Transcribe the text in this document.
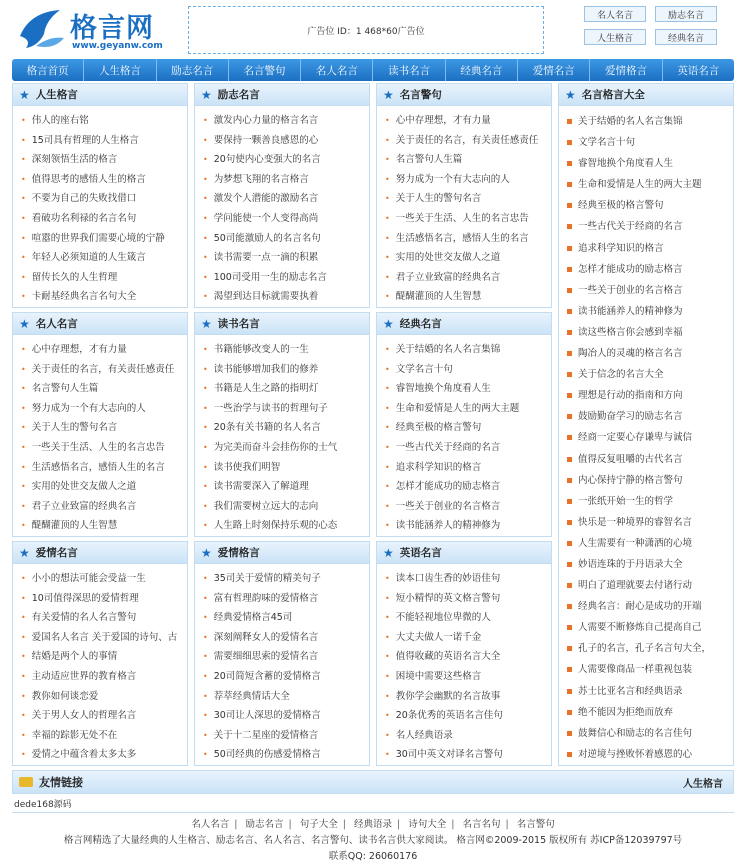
格言网
www.geyanw.com
广告位 ID：1 468*60广告位
名人名言	励志名言
人生格言	经典名言
格言首页	人生格言	励志名言	名言警句	名人名言	读书名言	经典名言	爱情名言	爱情格言	英语名言
★ 人生格言
• 伟人的座右铭
• 15司具有哲理的人生格言
• 深刻领悟生活的格言
• 值得思考的感悟人生的格言
• 不要为自己的失败找借口
• 看破功名利禄的名言名句
• 喧嚣的世界我们需要心境的宁静
• 年轻人必须知道的人生箴言
• 留传长久的人生哲理
• 卡耐基经典名言名句大全
★ 励志名言
• 激发内心力量的格言名言
• 要保持一颗善良感恩的心
• 20句使内心变强大的名言
• 为梦想飞翔的名言格言
• 激发个人潜能的激励名言
• 学问能使一个人变得高尚
• 50司能激励人的名言名句
• 读书需要一点一滴的积累
• 100司受用一生的励志名言
• 渴望到达目标就需要执着
★ 名言警句
• 心中存理想，才有力量
• 关于责任的名言，有关责任感责任
• 名言警句人生篇
• 努力成为一个有大志向的人
• 关于人生的警句名言
• 一些关于生活、人生的名言忠告
• 生活感悟名言，感悟人生的名言
• 实用的处世交友做人之道
• 君子立业致富的经典名言
• 醍醐灌顶的人生智慧
★ 名人名言
• 心中存理想，才有力量
• 关于责任的名言，有关责任感责任
• 名言警句人生篇
• 努力成为一个有大志向的人
• 关于人生的警句名言
• 一些关于生活、人生的名言忠告
• 生活感悟名言，感悟人生的名言
• 实用的处世交友做人之道
• 君子立业致富的经典名言
• 醍醐灌顶的人生智慧
★ 读书名言
• 书籍能够改变人的一生
• 读书能够增加我们的修养
• 书籍是人生之路的指明灯
• 一些治学与读书的哲理句子
• 20条有关书籍的名人名言
• 为完美而奋斗会挂伤你的士气
• 读书使我们明智
• 读书需要深入了解道理
• 我们需要树立远大的志向
• 人生路上时刻保持乐观的心态
★ 经典名言
• 关于结婚的名人名言集锦
• 文学名言十句
• 睿智地换个角度看人生
• 生命和爱情是人生的两大主题
• 经典至极的格言警句
• 一些古代关于经商的名言
• 追求科学知识的格言
• 怎样才能成功的励志格言
• 一些关于创业的名言格言
• 读书能涵养人的精神修为
★ 爱情名言
• 小小的想法可能会受益一生
• 10司值得深思的爱情哲理
• 有关爱情的名人名言警句
• 爱国名人名言 关于爱国的诗句、古
• 结婚是两个人的事情
• 主动适应世界的教育格言
• 教你如何谈恋爱
• 关于男人女人的哲理名言
• 幸福的踪影无处不在
• 爱情之中蕴含着太多太多
★ 爱情格言
• 35司关于爱情的精美句子
• 富有哲理韵味的爱情格言
• 经典爱情格言45司
• 深刻阐释女人的爱情名言
• 需要细细思索的爱情名言
• 20司简短含蓄的爱情格言
• 荐萃经典情话大全
• 30司让人深思的爱情格言
• 关于十二星座的爱情格言
• 50司经典的伤感爱情格言
★ 英语名言
• 读本口齿生香的妙语佳句
• 短小精悍的英文格言警句
• 不能轻视地位卑微的人
• 大丈夫做人一诺千金
• 值得收藏的英语名言大全
• 困境中需要这些格言
• 教你学会幽默的名言故事
• 20条优秀的英语名言佳句
• 名人经典语录
• 30司中英文对译名言警句
★ 名言格言大全
关于结婚的名人名言集锦
文学名言十句
睿智地换个角度看人生
生命和爱情是人生的两大主题
经典至极的格言警句
一些古代关于经商的名言
追求科学知识的格言
怎样才能成功的励志格言
一些关于创业的名言格言
读书能涵养人的精神修为
读这些格言你会感到幸福
陶冶人的灵魂的格言名言
关于信念的名言大全
理想是行动的指南和方向
鼓励勤奋学习的励志名言
经商一定要心存谦卑与诚信
值得反复咀嚼的古代名言
内心保持宁静的格言警句
一张纸开始一生的哲学
快乐是一种境界的睿智名言
人生需要有一种潇洒的心境
妙语连珠的于丹语录大全
明白了道理就要去付诸行动
经典名言：耐心是成功的开端
人需要不断修炼自己提高自己
孔子的名言，孔子名言句大全，
人需要像商品一样重视包装
苏士比亚名言和经典语录
绝不能因为拒绝而放弃
鼓舞信心和励志的名言佳句
对逆境与挫败怀着感恩的心
友情链接	人生格言
dede168源码
名人名言 | 励志名言 | 句子大全 | 经典语录 | 诗句大全 | 名言名句 | 名言警句
格言网精选了大量经典的人生格言、励志名言、名人名言、名言警句、读书名言供大家阅读。 格言网©2009-2015 版权所有 苏ICP备12039797号
联系QQ: 26060176
